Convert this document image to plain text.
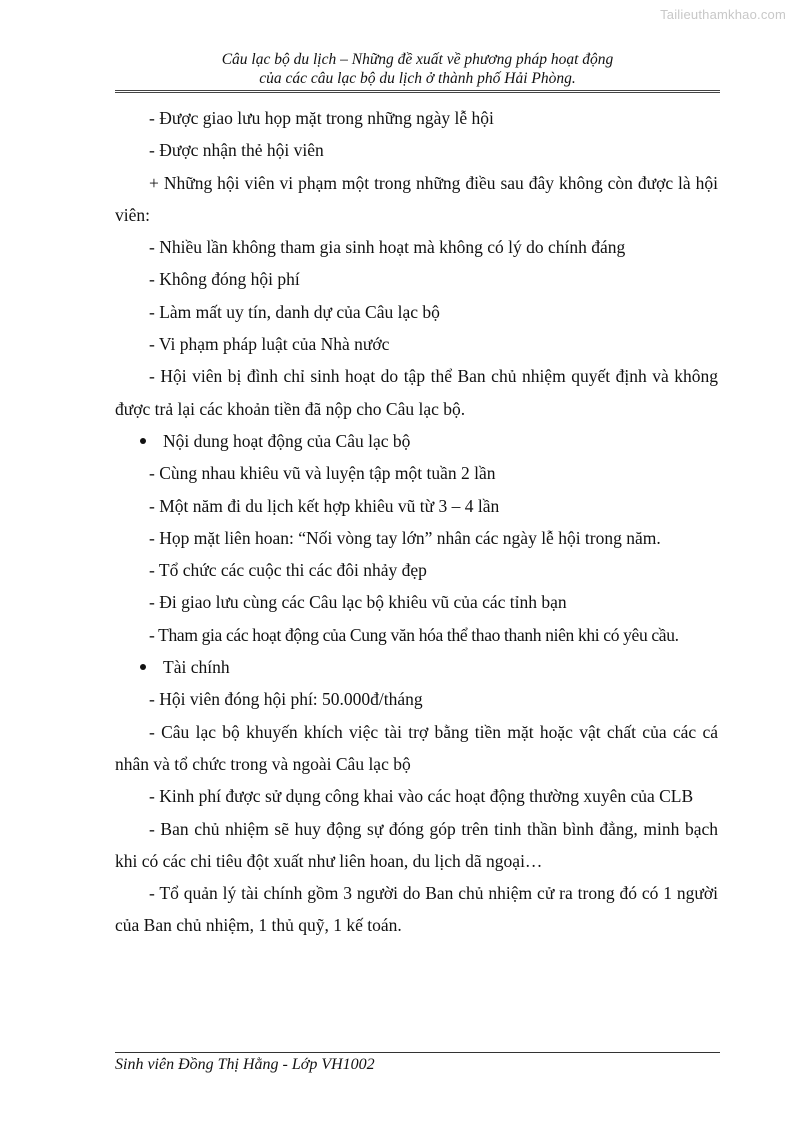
Tailieuthamkhao.com
Câu lạc bộ du lịch – Những đề xuất về phương pháp hoạt động
của các câu lạc bộ du lịch ở thành phố Hải Phòng.

- Được giao lưu họp mặt trong những ngày lễ hội

- Được nhận thẻ hội viên

+ Những hội viên vi phạm một trong những điều sau đây không còn được là hội viên:

- Nhiều lần không tham gia sinh hoạt mà không có lý do chính đáng

- Không đóng hội phí

- Làm mất uy tín, danh dự của Câu lạc bộ

- Vi phạm pháp luật của Nhà nước

- Hội viên bị đình chỉ sinh hoạt do tập thể Ban chủ nhiệm quyết định và không được trả lại các khoản tiền đã nộp cho Câu lạc bộ.

Nội dung hoạt động của Câu lạc bộ

- Cùng nhau khiêu vũ và luyện tập một tuần 2 lần

- Một năm đi du lịch kết hợp khiêu vũ từ 3 – 4 lần

- Họp mặt liên hoan: “Nối vòng tay lớn” nhân các ngày lễ hội trong năm.

- Tổ chức các cuộc thi các đôi nhảy đẹp

- Đi giao lưu cùng các Câu lạc bộ khiêu vũ của các tỉnh bạn

- Tham gia các hoạt động của Cung văn hóa thể thao thanh niên khi có yêu cầu.

Tài chính

- Hội viên đóng hội phí: 50.000đ/tháng

- Câu lạc bộ khuyến khích việc tài trợ bằng tiền mặt hoặc vật chất của các cá nhân và tổ chức trong và ngoài Câu lạc bộ

- Kinh phí được sử dụng công khai vào các hoạt động thường xuyên của CLB

- Ban chủ nhiệm sẽ huy động sự đóng góp trên tinh thần bình đẳng, minh bạch khi có các chi tiêu đột xuất như liên hoan, du lịch dã ngoại…

- Tổ quản lý tài chính gồm 3 người do Ban chủ nhiệm cử ra trong đó có 1 người của Ban chủ nhiệm, 1 thủ quỹ, 1 kế toán.

Sinh viên Đồng Thị Hằng - Lớp VH1002
